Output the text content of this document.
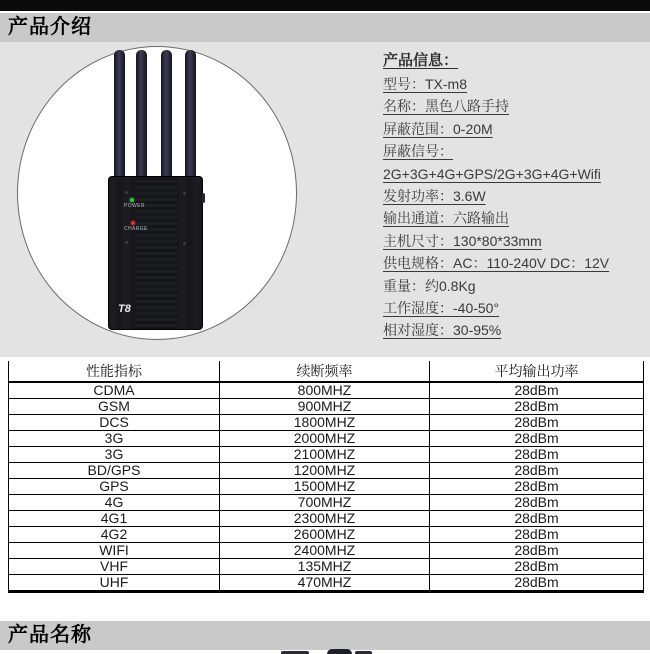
产品介绍
POWER
CHARGE
T8
产品信息：
型号：TX-m8
名称：黑色八路手持
屏蔽范围：0-20M
屏蔽信号：
2G+3G+4G+GPS/2G+3G+4G+Wifi
发射功率：3.6W
输出通道：六路输出
主机尺寸：130*80*33mm
供电规格：AC：110-240V DC：12V
重量：约0.8Kg
工作湿度：-40-50°
相对湿度：30-95%
性能指标	续断频率	平均输出功率
CDMA	800MHZ	28dBm
GSM	900MHZ	28dBm
DCS	1800MHZ	28dBm
3G	2000MHZ	28dBm
3G	2100MHZ	28dBm
BD/GPS	1200MHZ	28dBm
GPS	1500MHZ	28dBm
4G	700MHZ	28dBm
4G1	2300MHZ	28dBm
4G2	2600MHZ	28dBm
WIFI	2400MHZ	28dBm
VHF	135MHZ	28dBm
UHF	470MHZ	28dBm
产品名称
